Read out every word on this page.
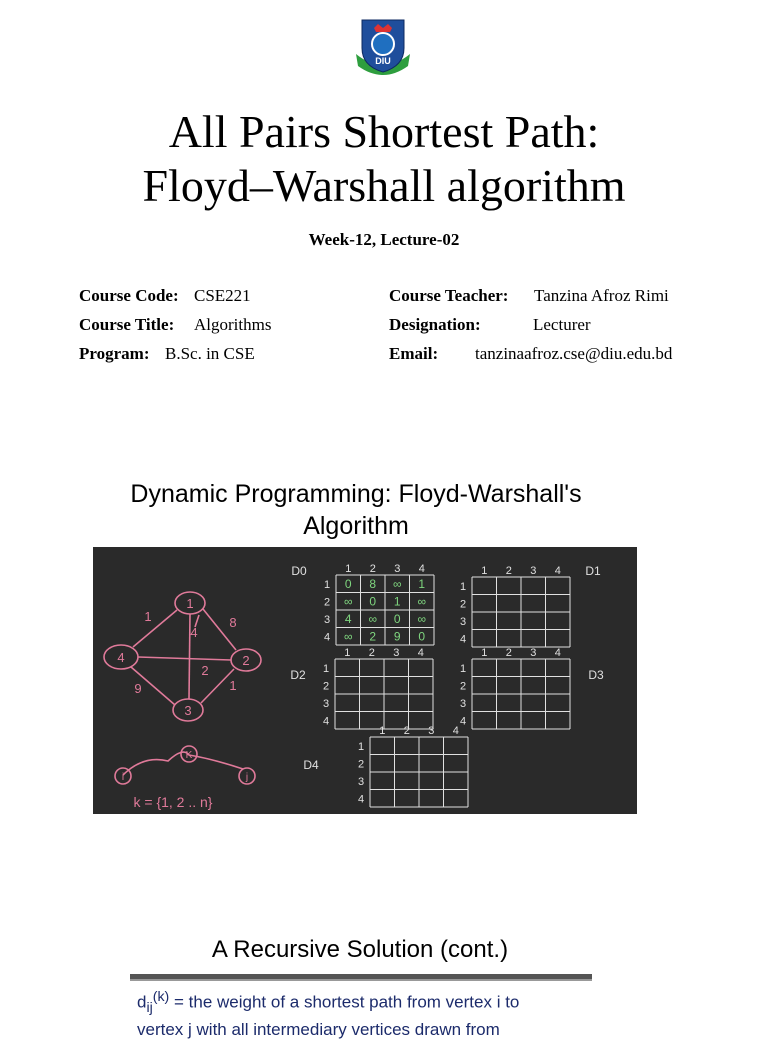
DIU
All Pairs Shortest Path:
Floyd–Warshall algorithm
Week-12, Lecture-02
Course Code: CSE221
Course Title: Algorithms
Program: B.Sc. in CSE
Course Teacher: Tanzina Afroz Rimi
Designation:	Lecturer
Email: tanzinaafroz.cse@diu.edu.bd
Dynamic Programming: Floyd-Warshall's
Algorithm
1
2
3
4
1	8
4
2
9	1
i
K
j
k = {1, 2 .. n}
1
1
2
2
3
3
4
4
D0
0 8 ∞ 1
∞ 0 1 ∞
4 ∞ 0 ∞
∞ 2 9 0
1
1
2
2
3
3
4
4
D1
1
1
2
2
3
3
4
4
D2
1
1
2
2
3
3
4
4
D3
1
1
2
2
3
3
4
4
D4
A Recursive Solution (cont.)
$d_{ij}^{(k)}$ = the weight of a shortest path from vertex i to
vertex j with all intermediary vertices drawn from
